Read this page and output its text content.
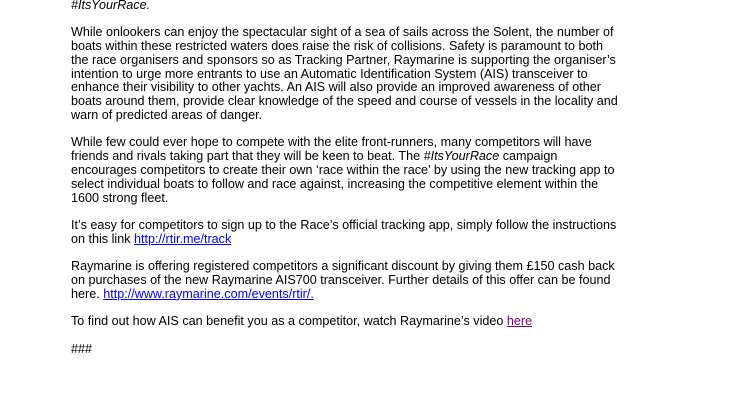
#ItsYourRace.

While onlookers can enjoy the spectacular sight of a sea of sails across the Solent, the number of
boats within these restricted waters does raise the risk of collisions. Safety is paramount to both
the race organisers and sponsors so as Tracking Partner, Raymarine is supporting the organiser’s
intention to urge more entrants to use an Automatic Identification System (AIS) transceiver to
enhance their visibility to other yachts. An AIS will also provide an improved awareness of other
boats around them, provide clear knowledge of the speed and course of vessels in the locality and
warn of predicted areas of danger.

While few could ever hope to compete with the elite front-runners, many competitors will have
friends and rivals taking part that they will be keen to beat. The #ItsYourRace campaign
encourages competitors to create their own ‘race within the race’ by using the new tracking app to
select individual boats to follow and race against, increasing the competitive element within the
1600 strong fleet.

It’s easy for competitors to sign up to the Race’s official tracking app, simply follow the instructions
on this link http://rtir.me/track

Raymarine is offering registered competitors a significant discount by giving them £150 cash back
on purchases of the new Raymarine AIS700 transceiver. Further details of this offer can be found
here. http://www.raymarine.com/events/rtir/.

To find out how AIS can benefit you as a competitor, watch Raymarine’s video here

###
